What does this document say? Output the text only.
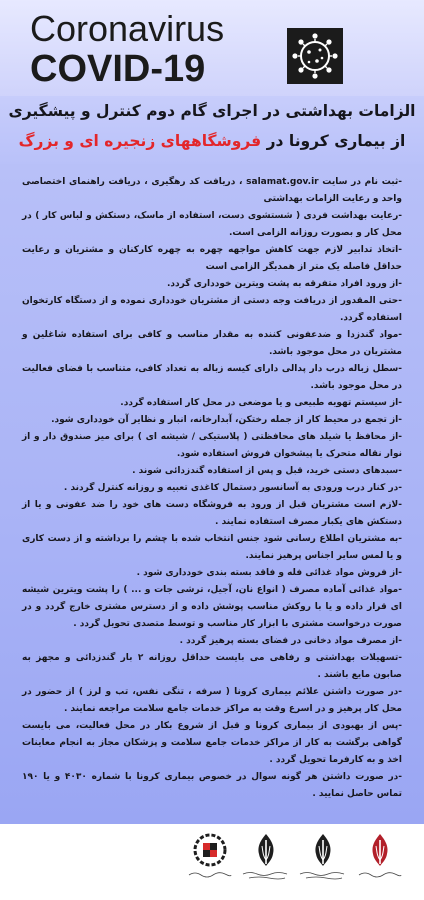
Coronavirus
COVID-19
الزامات بهداشتی در اجرای گام دوم کنترل و پیشگیری
از بیماری کرونا در فروشگاههای زنجیره ای و بزرگ

-ثبت نام در سایت salamat.gov.ir ، دریافت کد رهگیری ، دریافت راهنمای اختصاصی واحد و رعایت الزامات بهداشتی

-رعایت بهداشت فردی ( شستشوی دست، استفاده از ماسک، دستکش و لباس کار ) در محل کار و بصورت روزانه الزامی است.

-اتخاذ تدابیر لازم جهت کاهش مواجهه چهره به چهره کارکنان و مشتریان و رعایت حداقل فاصله یک متر از همدیگر الزامی است

-از ورود افراد متفرقه به پشت ویترین خودداری گردد.

-حتی المقدور از دریافت وجه دستی از مشتریان خودداری نموده و از دستگاه کارتخوان استفاده گردد.

-مواد گندزدا و ضدعفونی کننده به مقدار مناسب و کافی برای استفاده شاغلین و مشتریان در محل موجود باشد.

-سطل زباله درب دار پدالی دارای کیسه زباله به تعداد کافی، متناسب با فضای فعالیت در محل موجود باشد.

-از سیستم تهویه طبیعی و یا موضعی در محل کار استفاده گردد.

-از تجمع در محیط کار از جمله رختکن، آبدارخانه، انبار و نظایر آن خودداری شود.

-از محافظ یا شیلد های محافظتی ( پلاستیکی / شیشه ای ) برای میز صندوق دار و از نوار نقاله متحرک یا پیشخوان فروش استفاده شود.

-سبدهای دستی خرید، قبل و پس از استفاده گندزدائی شوند .

-در کنار درب ورودی به آسانسور دستمال کاغذی تعبیه و روزانه کنترل گردند .

-لازم است مشتریان قبل از ورود به فروشگاه دست های خود را ضد عفونی و یا از دستکش های یکبار مصرف استفاده نمایند .

-به مشتریان اطلاع رسانی شود جنس انتخاب شده با چشم را برداشته و از دست کاری و یا لمس سایر اجناس پرهیز نمایند.

-از فروش مواد غذائی فله و فاقد بسته بندی خودداری شود .

-مواد غذائی آماده مصرف ( انواع نان، آجیل، ترشی جات و ... ) را پشت ویترین شیشه ای قرار داده و یا با روکش مناسب پوشش داده و از دسترس مشتری خارج گردد و در صورت درخواست مشتری با ابزار کار مناسب و توسط متصدی تحویل گردد .

-از مصرف مواد دخانی در فضای بسته پرهیز گردد .

-تسهیلات بهداشتی و رفاهی می بایست حداقل روزانه ۲ بار گندزدائی و مجهز به صابون مایع باشند .

-در صورت داشتن علائم بیماری کرونا ( سرفه ، تنگی نفس، تب و لرز ) از حضور در محل کار پرهیز و در اسرع وقت به مراکز خدمات جامع سلامت مراجعه نمایند .

-پس از بهبودی از بیماری کرونا و قبل از شروع بکار در محل فعالیت، می بایست گواهی برگشت به کار از مراکز خدمات جامع سلامت و پزشکان مجاز به انجام معاینات اخذ و به کارفرما تحویل گردد .

-در صورت داشتن هر گونه سوال در خصوص بیماری کرونا با شماره ۴۰۳۰ و یا ۱۹۰ تماس حاصل نمایید .
